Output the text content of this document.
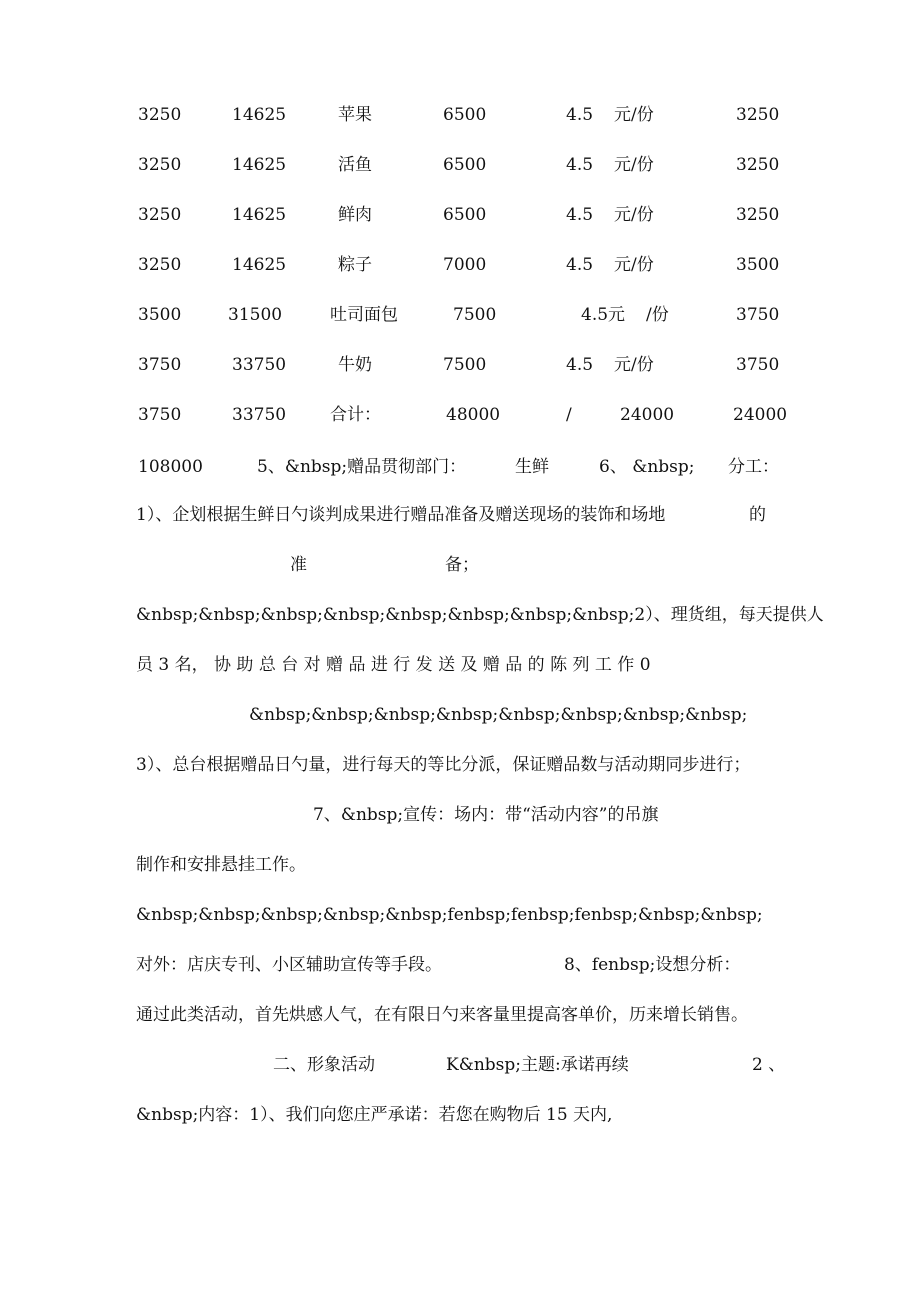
3250	14625	苹果	6500	4.5 元/份	3250
3250	14625	活鱼	6500	4.5 元/份	3250
3250	14625	鲜肉	6500	4.5 元/份	3250
3250	14625	粽子	7000	4.5 元/份	3500
3500	31500	吐司面包	7500	4.5元 /份	3750
3750	33750	牛奶	7500	4.5 元/份	3750
3750	33750	合计：	48000	/	24000	24000
108000	5、&nbsp;赠品贯彻部门：	生鲜	6、 &nbsp; 分工：
1）、企划根据生鲜日勺谈判成果进行赠品准备及赠送现场的装饰和场地	的
准	备；
&nbsp;&nbsp;&nbsp;&nbsp;&nbsp;&nbsp;&nbsp;&nbsp;2）、理货组，每天提供人
员 3 名， 协 助 总 台 对 赠 品 进 行 发 送 及 赠 品 的 陈 列 工 作 0
&nbsp;&nbsp;&nbsp;&nbsp;&nbsp;&nbsp;&nbsp;&nbsp;
3）、总台根据赠品日勺量，进行每天的等比分派，保证赠品数与活动期同步进行；
7、&nbsp;宣传：场内：带“活动内容”的吊旗
制作和安排悬挂工作。
&nbsp;&nbsp;&nbsp;&nbsp;&nbsp;fenbsp;fenbsp;fenbsp;&nbsp;&nbsp;
对外：店庆专刊、小区辅助宣传等手段。	8、fenbsp;设想分析：
通过此类活动，首先烘感人气，在有限日勺来客量里提高客单价，历来增长销售。
二、形象活动	K&nbsp;主题:承诺再续	2 、
&nbsp;内容：1）、我们向您庄严承诺：若您在购物后 15 天内,
